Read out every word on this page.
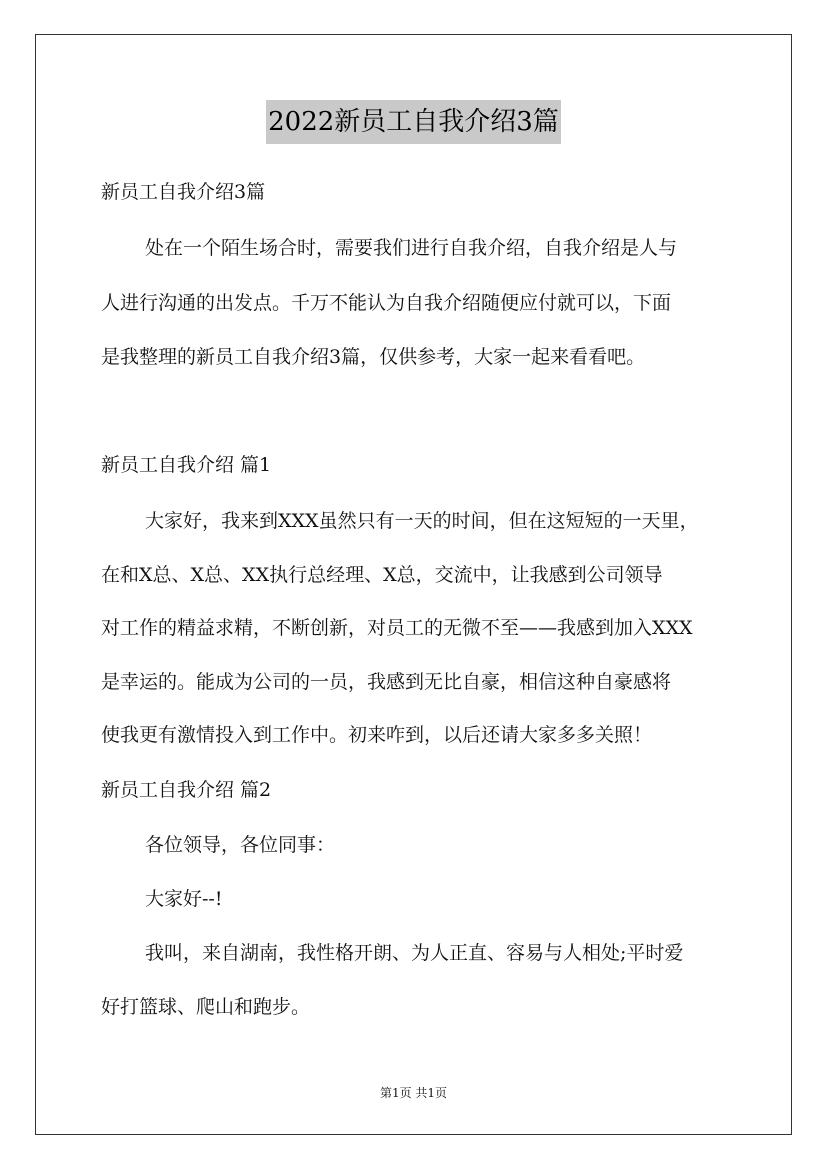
2022新员工自我介绍3篇
新员工自我介绍3篇
处在一个陌生场合时，需要我们进行自我介绍，自我介绍是人与
人进行沟通的出发点。千万不能认为自我介绍随便应付就可以，下面
是我整理的新员工自我介绍3篇，仅供参考，大家一起来看看吧。
新员工自我介绍 篇1
大家好，我来到XXX虽然只有一天的时间，但在这短短的一天里，
在和X总、X总、XX执行总经理、X总，交流中，让我感到公司领导
对工作的精益求精，不断创新，对员工的无微不至——我感到加入XXX
是幸运的。能成为公司的一员，我感到无比自豪，相信这种自豪感将
使我更有激情投入到工作中。初来咋到，以后还请大家多多关照！
新员工自我介绍 篇2
各位领导，各位同事：
大家好--!
我叫，来自湖南，我性格开朗、为人正直、容易与人相处;平时爱
好打篮球、爬山和跑步。
第1页 共1页
